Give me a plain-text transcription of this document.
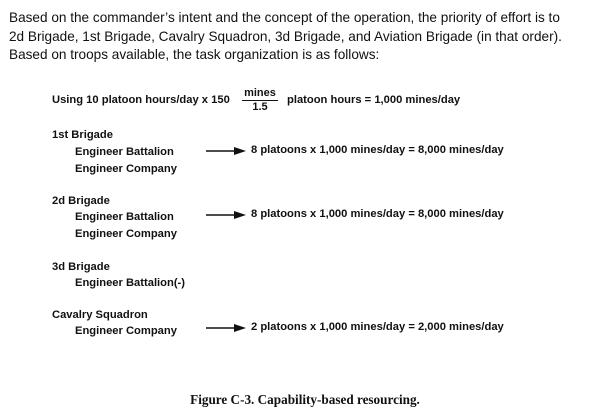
Based on the commander’s intent and the concept of the operation, the priority of effort is to
2d Brigade, 1st Brigade, Cavalry Squadron, 3d Brigade, and Aviation Brigade (in that order).
Based on troops available, the task organization is as follows:
Using 10 platoon hours/day x 150
mines
1.5
platoon hours = 1,000 mines/day
1st Brigade
Engineer Battalion
Engineer Company
8 platoons x 1,000 mines/day = 8,000 mines/day
2d Brigade
Engineer Battalion
Engineer Company
8 platoons x 1,000 mines/day = 8,000 mines/day
3d Brigade
Engineer Battalion(-)
Cavalry Squadron
Engineer Company	2 platoons x 1,000 mines/day = 2,000 mines/day
Figure C-3. Capability-based resourcing.
